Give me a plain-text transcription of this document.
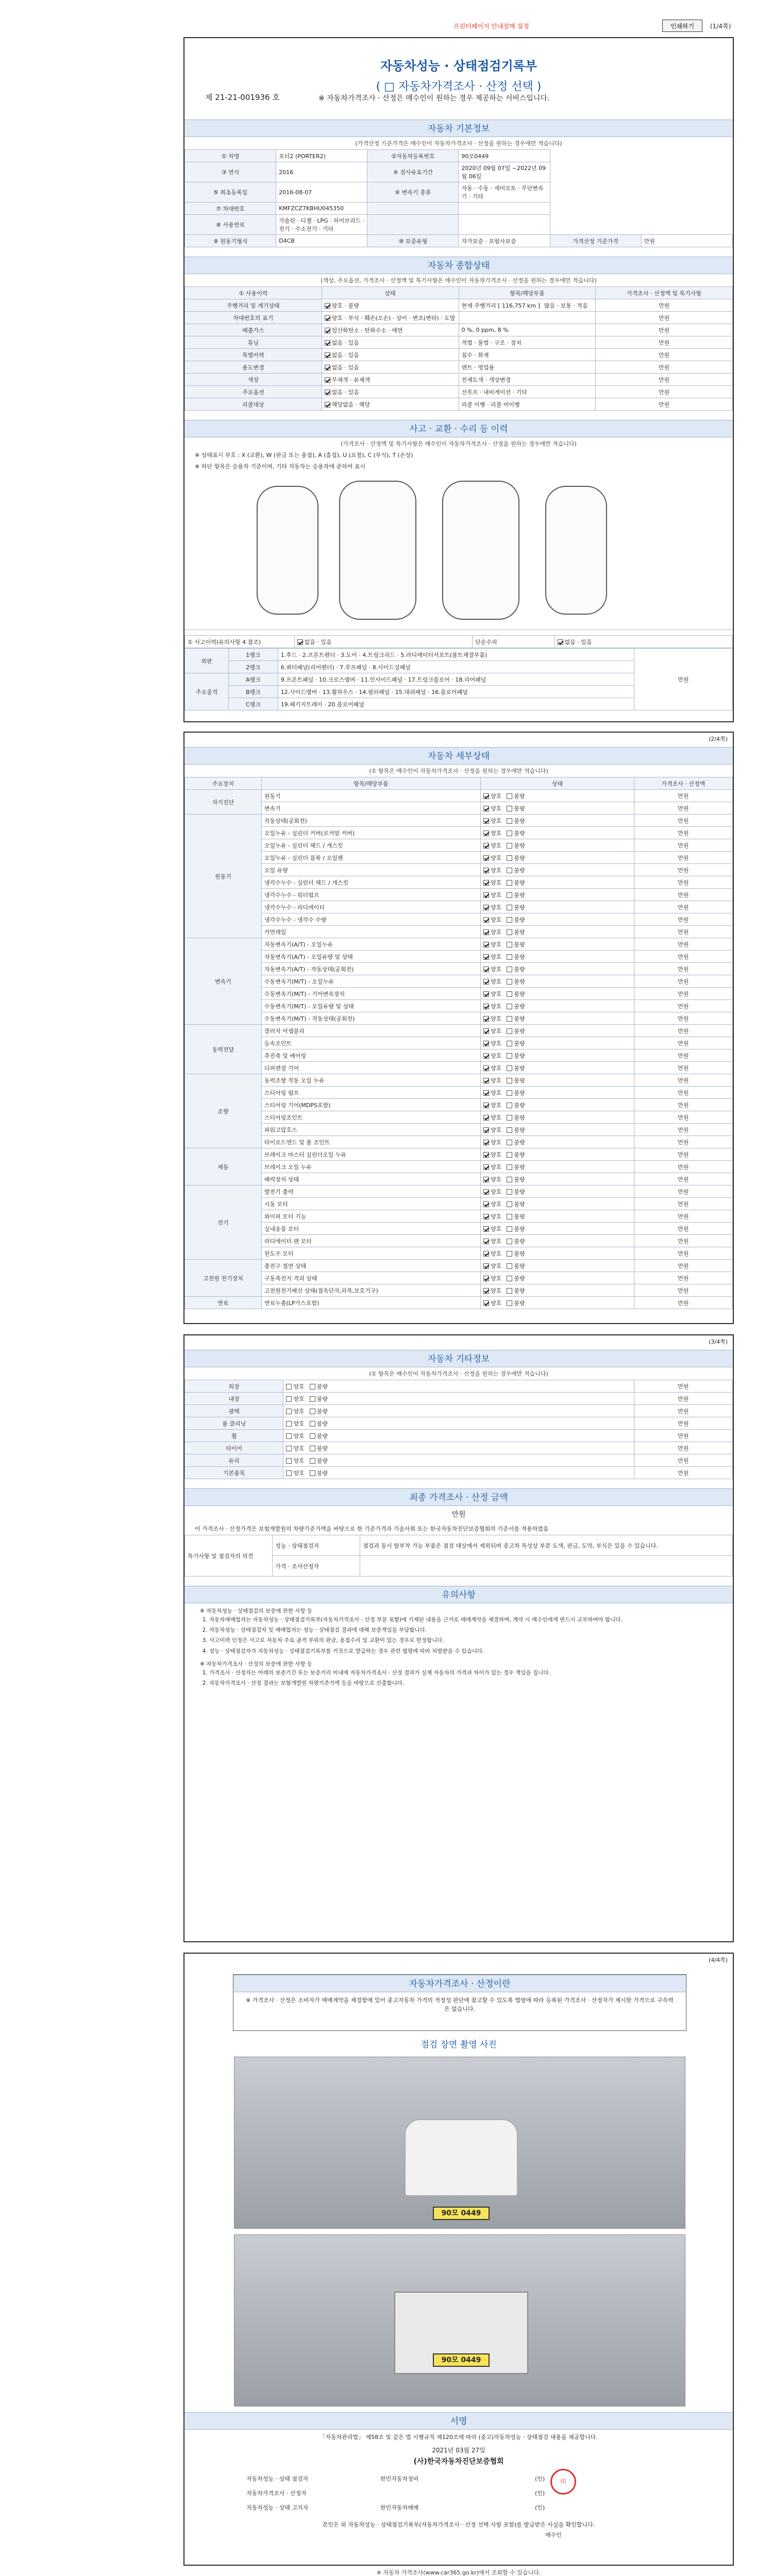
프린터페이지 안내장매 설정	인쇄하기	(1/4쪽)
자동차성능 · 상태점검기록부
( □ 자동차가격조사 · 산정 선택 )
제 21-21-001936 호	※ 자동차가격조사 · 산정은 매수인이 원하는 경우 제공하는 서비스입니다.
자동차 기본정보
(가격산정 기준가격은 매수인이 자동차가격조사 · 산정을 원하는 경우에만 적습니다)
① 차명	포터2 (PORTER2)	②자동차등록번호	90모0449		
③ 연식	2016	④ 검사유효기간	2020년 09월 07일 ~2022년 09월 06일		
⑤ 최초등록일	2016-08-07	⑥ 변속기 종류	자동 · 수동 · 세미오토 · 무단변속기 · 기타		
⑦ 차대번호	KMFZCZ7KBHU045350				
⑧ 사용연료	가솔린 · 디젤 · LPG · 하이브리드 · 전기 · 수소전기 · 기타				
⑨ 원동기형식	D4CB	⑩ 보증유형	자가보증 · 보험사보증	가격산정 기준가격	만원
자동차 종합상태
(색상, 주요옵션, 가격조사 · 산정액 및 특기사항은 매수인이 자동차가격조사 · 산정을 원하는 경우에만 적습니다)
① 사용이력	상태	항목/해당부품	가격조사 · 산정액 및 특기사항
주행거리 및 계기상태	양호 · 불량	현재 주행거리 [ 116,757 km ] 많음 · 보통 · 적음	만원
차대번호의 표기	양호 · 부식 · 훼손(오손) · 상이 · 변조(변타) · 도말		만원
배출가스	일산화탄소 · 탄화수소 · 매연	0 %, 0 ppm, 8 %	만원
튜닝	없음 · 있음	적법 · 불법 · 구조 · 장치	만원
특별이력	없음 · 있음	침수 · 화재	만원
용도변경	없음 · 있음	렌트 · 영업용	만원
색상	무채색 · 유채색	전체도색 · 색상변경	만원
주요옵션	없음 · 있음	선루프 · 내비게이션 · 기타	만원
리콜대상	해당없음 · 해당	리콜 이행 · 리콜 미이행	만원
사고 · 교환 · 수리 등 이력
(가격조사 · 산정액 및 특기사항은 매수인이 자동차가격조사 · 산정을 원하는 경우에만 적습니다)
※ 상태표시 부호 : X (교환), W (판금 또는 용접), A (흠집), U (요철), C (부식), T (손상)
※ 하단 항목은 승용차 기준이며, 기타 자동차는 승용차에 준하여 표시
① 사고이력(유의사항 4 참조)	없음 · 있음	단순수리	없음 · 있음
외판	1랭크	1.후드 · 2.프론트펜더 · 3.도어 · 4.트렁크리드 · 5.라디에이터서포트(볼트체결부품)	만원
	2랭크	6.쿼터패널(리어펜더) · 7.루프패널 · 8.사이드실패널	
주요골격	A랭크	9.프론트패널 · 10.크로스멤버 · 11.인사이드패널 · 17.트렁크플로어 · 18.리어패널	
	B랭크	12.사이드멤버 · 13.휠하우스 · 14.필러패널 · 15.대쉬패널 · 16.플로어패널	
	C랭크	19.패키지트레이 · 20.플로어패널	
(2/4쪽)
자동차 세부상태
(① 항목은 매수인이 자동차가격조사 · 산정을 원하는 경우에만 적습니다)
주요장치	항목/해당부품	상태	가격조사 · 산정액
자기진단	원동기	양호 불량	만원
	변속기	양호 불량	만원
원동기	작동상태(공회전)	양호 불량	만원
	오일누유 - 실린더 커버(로커암 커버)	양호 불량	만원
	오일누유 - 실린더 헤드 / 개스킷	양호 불량	만원
	오일누유 - 실린더 블록 / 오일팬	양호 불량	만원
	오일 유량	양호 불량	만원
	냉각수누수 - 실린더 헤드 / 개스킷	양호 불량	만원
	냉각수누수 - 워터펌프	양호 불량	만원
	냉각수누수 - 라디에이터	양호 불량	만원
	냉각수누수 - 냉각수 수량	양호 불량	만원
	커먼레일	양호 불량	만원
변속기	자동변속기(A/T) - 오일누유	양호 불량	만원
	자동변속기(A/T) - 오일유량 및 상태	양호 불량	만원
	자동변속기(A/T) - 작동상태(공회전)	양호 불량	만원
	수동변속기(M/T) - 오일누유	양호 불량	만원
	수동변속기(M/T) - 기어변속장치	양호 불량	만원
	수동변속기(M/T) - 오일유량 및 상태	양호 불량	만원
	수동변속기(M/T) - 작동상태(공회전)	양호 불량	만원
동력전달	클러치 어셈블리	양호 불량	만원
	등속조인트	양호 불량	만원
	추진축 및 베어링	양호 불량	만원
	디퍼렌셜 기어	양호 불량	만원
조향	동력조향 작동 오일 누유	양호 불량	만원
	스티어링 펌프	양호 불량	만원
	스티어링 기어(MDPS포함)	양호 불량	만원
	스티어링조인트	양호 불량	만원
	파워고압호스	양호 불량	만원
	타이로드엔드 및 볼 조인트	양호 불량	만원
제동	브레이크 마스터 실린더오일 누유	양호 불량	만원
	브레이크 오일 누유	양호 불량	만원
	배력장치 상태	양호 불량	만원
전기	발전기 출력	양호 불량	만원
	시동 모터	양호 불량	만원
	와이퍼 모터 기능	양호 불량	만원
	실내송풍 모터	양호 불량	만원
	라디에이터 팬 모터	양호 불량	만원
	윈도우 모터	양호 불량	만원
고전원 전기장치	충전구 절연 상태	양호 불량	만원
	구동축전지 격리 상태	양호 불량	만원
	고전원전기배선 상태(접속단자,피복,보호기구)	양호 불량	만원
연료	연료누출(LP가스포함)	양호 불량	만원
(3/4쪽)
자동차 기타정보
(① 항목은 매수인이 자동차가격조사 · 산정을 원하는 경우에만 적습니다)
외장	양호 불량	만원
내장	양호 불량	만원
광택	양호 불량	만원
룸 클리닝	양호 불량	만원
휠	양호 불량	만원
타이어	양호 불량	만원
유리	양호 불량	만원
기본품목	양호 불량	만원
최종 가격조사 · 산정 금액
만원
이 가격조사 · 산정가격은 보험개발원의 차량기준가액을 바탕으로 한 기준가격과 기술사회 또는 한국자동차진단보증협회의 기준서를 적용하였음
특기사항 및 점검자의 의견	성능 · 상태점검자	점검과 동시 탈부착 가능 부품은 점검 대상에서 제외되며 중고차 특성상 부분 도색, 판금, 도막, 부식은 있을 수 있습니다.
	가격 · 조사산정자	
유의사항

※ 자동차성능 · 상태점검의 보증에 관한 사항 등

1. 자동차매매업자는 자동차성능 · 상태점검기록부(자동차가격조사 · 산정 부분 포함)에 기재된 내용을 근거로 매매계약을 체결하며, 계약 시 매수인에게 반드시 교부하여야 합니다.
2. 자동차성능 · 상태점검자 및 매매업자는 성능 · 상태점검 결과에 대해 보증책임을 부담합니다.
3. 사고이력 인정은 사고로 자동차 주요 골격 부위의 판금, 용접수리 및 교환이 있는 경우로 한정합니다.
4. 성능 · 상태점검자가 자동차성능 · 상태점검기록부를 거짓으로 발급하는 경우 관련 법령에 따라 처벌받을 수 있습니다.

※ 자동차가격조사 · 산정의 보증에 관한 사항 등

1. 가격조사 · 산정자는 아래의 보증기간 또는 보증거리 이내에 자동차가격조사 · 산정 결과가 실제 자동차의 가격과 차이가 있는 경우 책임을 집니다.
2. 자동차가격조사 · 산정 결과는 보험개발원 차량기준가액 등을 바탕으로 산출합니다.
(4/4쪽)
자동차가격조사 · 산정이란

※ 가격조사 · 산정은 소비자가 매매계약을 체결함에 있어 중고자동차 가격의 적정성 판단에 참고할 수 있도록 법령에 따라 등록된 가격조사 · 산정자가 제시한 가격으로 구속력은 없습니다.

점검 장면 촬영 사진
90모 0449
90모 0449
서명
「자동차관리법」 제58조 및 같은 법 시행규칙 제120조에 따라 (중고)자동차성능 · 상태점검 내용을 제공합니다.
2021년 03월 27일
(사)한국자동차진단보증협회
자동차성능 · 상태 점검자	한민자동차정비	(인)
자동차가격조사 · 산정자	(인)
자동차성능 · 상태 고지자	한민자동차매매	(인)
印
본인은 위 자동차성능 · 상태점검기록부(자동차가격조사 · 산정 선택 사항 포함)를 발급받은 사실을 확인합니다.
매수인
※ 자동차 가격조사(www.car365.go.kr)에서 조회할 수 있습니다.
